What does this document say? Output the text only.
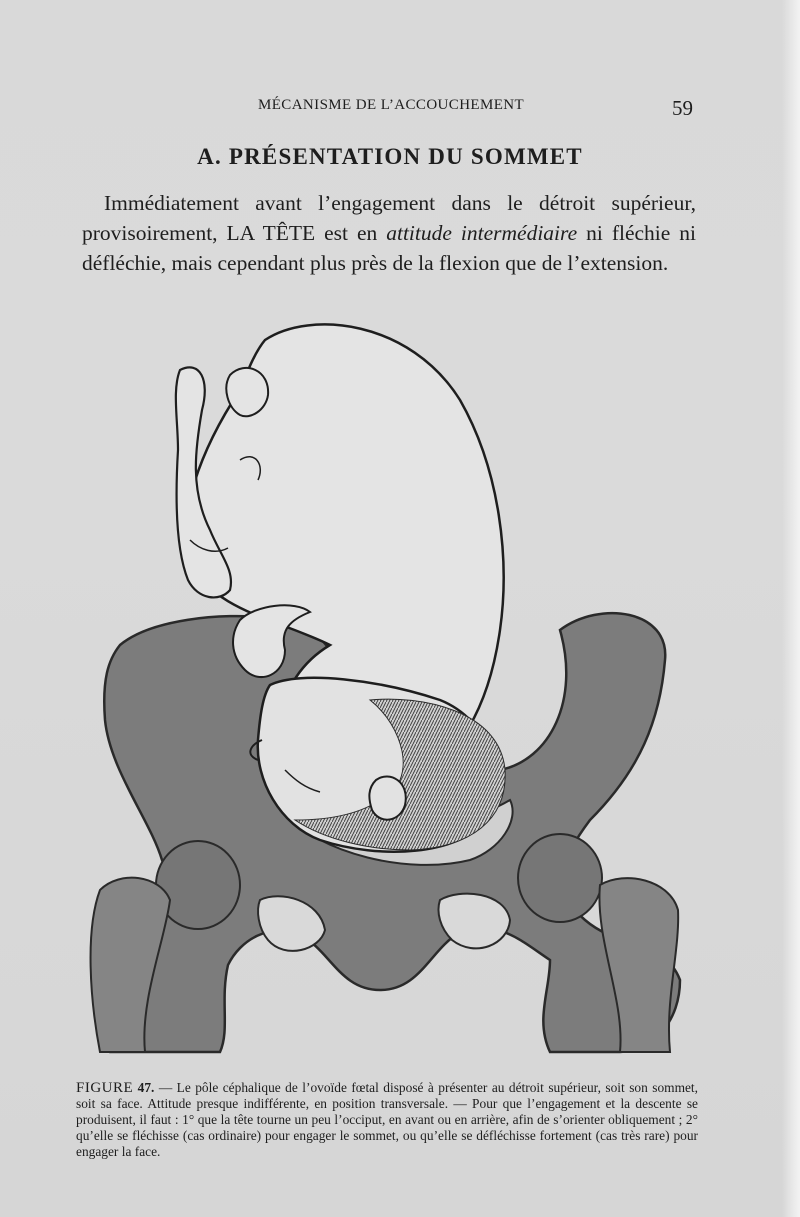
MÉCANISME DE L’ACCOUCHEMENT	59
A. PRÉSENTATION DU SOMMET

Immédiatement avant l’engagement dans le détroit supérieur, provisoirement, LA TÊTE est en attitude intermédiaire ni fléchie ni défléchie, mais cependant plus près de la flexion que de l’extension.

FIGURE 47. — Le pôle céphalique de l’ovoïde fœtal disposé à présenter au détroit supérieur, soit son sommet, soit sa face. Attitude presque indifférente, en position transversale. — Pour que l’engagement et la descente se produisent, il faut : 1° que la tête tourne un peu l’occiput, en avant ou en arrière, afin de s’orienter obliquement ; 2° qu’elle se fléchisse (cas ordinaire) pour engager le sommet, ou qu’elle se défléchisse fortement (cas très rare) pour engager la face.
